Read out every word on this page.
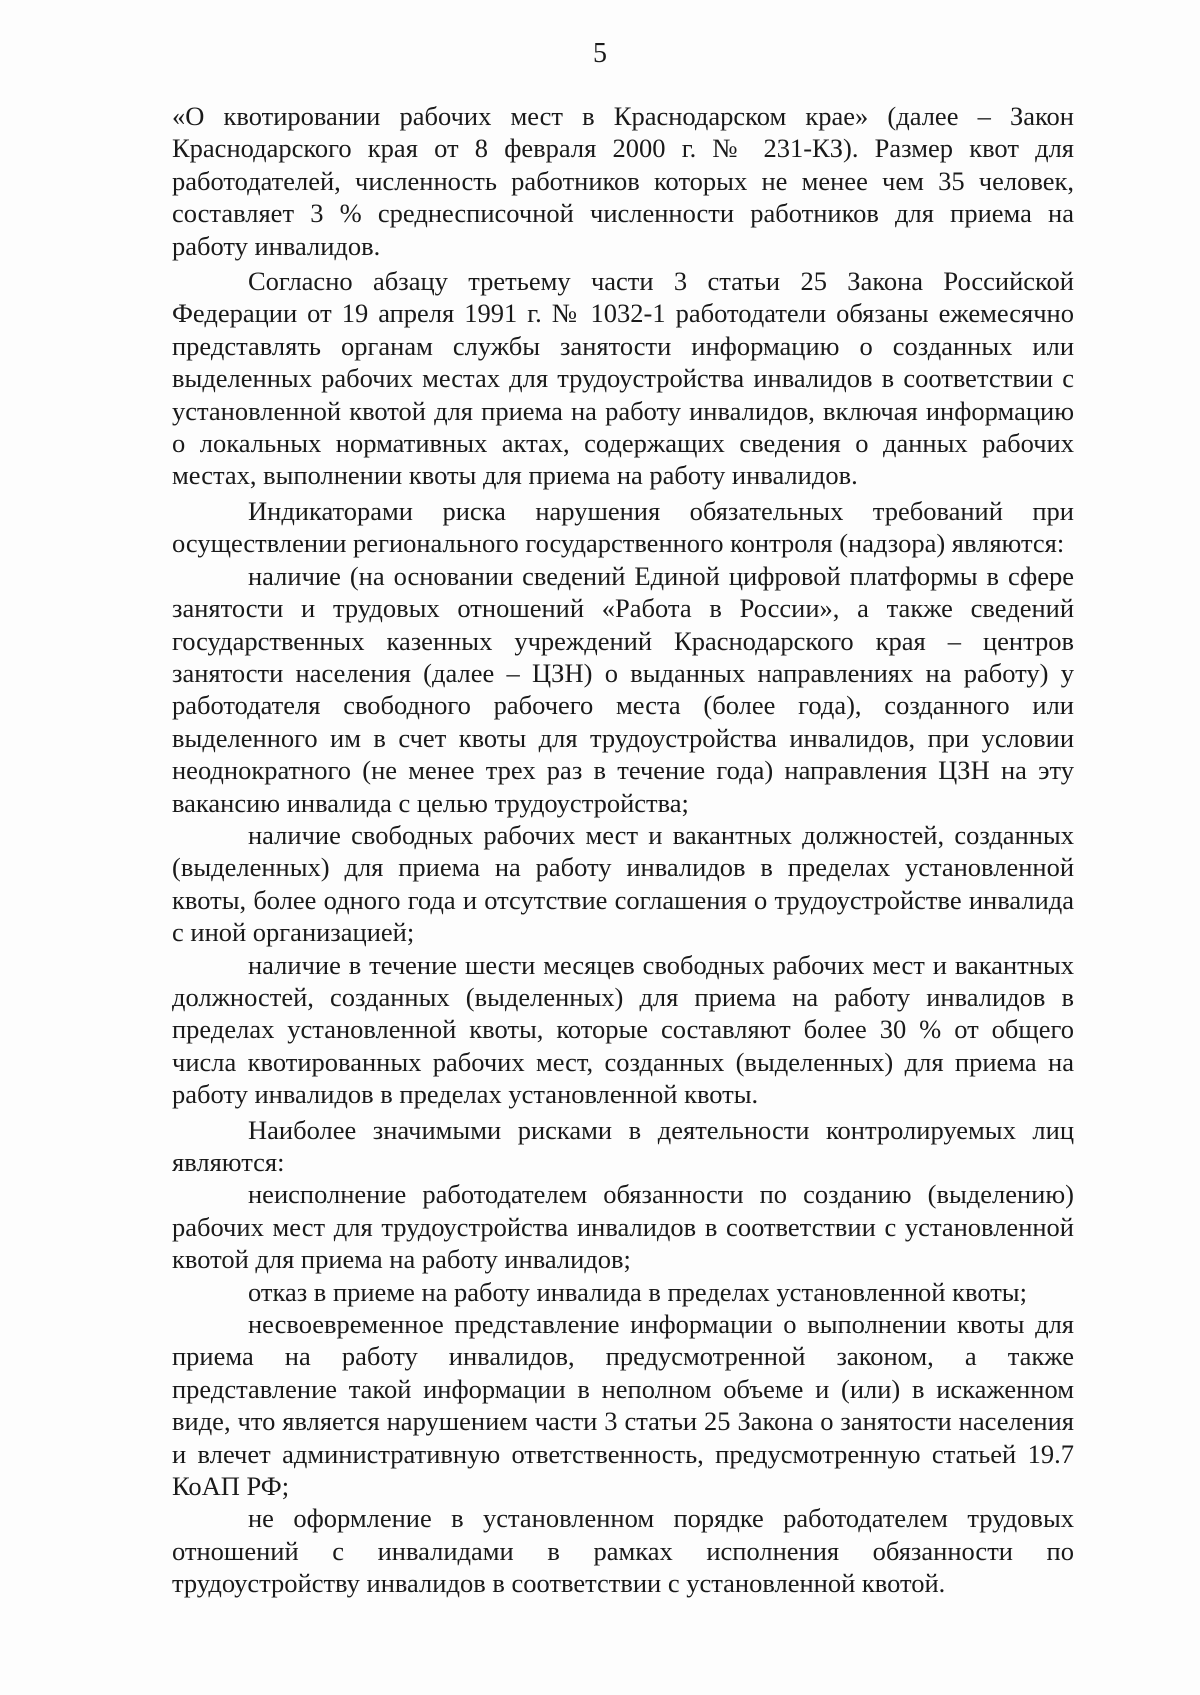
5

«О квотировании рабочих мест в Краснодарском крае» (далее – Закон Краснодарского края от 8 февраля 2000 г. № 231-КЗ). Размер квот для работодателей, численность работников которых не менее чем 35 человек, составляет 3 % среднесписочной численности работников для приема на работу инвалидов.

Согласно абзацу третьему части 3 статьи 25 Закона Российской Федерации от 19 апреля 1991 г. № 1032-1 работодатели обязаны ежемесячно представлять органам службы занятости информацию о созданных или выделенных рабочих местах для трудоустройства инвалидов в соответствии с установленной квотой для приема на работу инвалидов, включая информацию о локальных нормативных актах, содержащих сведения о данных рабочих местах, выполнении квоты для приема на работу инвалидов.

Индикаторами риска нарушения обязательных требований при осуществлении регионального государственного контроля (надзора) являются:

наличие (на основании сведений Единой цифровой платформы в сфере занятости и трудовых отношений «Работа в России», а также сведений государственных казенных учреждений Краснодарского края – центров занятости населения (далее – ЦЗН) о выданных направлениях на работу) у работодателя свободного рабочего места (более года), созданного или выделенного им в счет квоты для трудоустройства инвалидов, при условии неоднократного (не менее трех раз в течение года) направления ЦЗН на эту вакансию инвалида с целью трудоустройства;

наличие свободных рабочих мест и вакантных должностей, созданных (выделенных) для приема на работу инвалидов в пределах установленной квоты, более одного года и отсутствие соглашения о трудоустройстве инвалида с иной организацией;

наличие в течение шести месяцев свободных рабочих мест и вакантных должностей, созданных (выделенных) для приема на работу инвалидов в пределах установленной квоты, которые составляют более 30 % от общего числа квотированных рабочих мест, созданных (выделенных) для приема на работу инвалидов в пределах установленной квоты.

Наиболее значимыми рисками в деятельности контролируемых лиц являются:

неисполнение работодателем обязанности по созданию (выделению) рабочих мест для трудоустройства инвалидов в соответствии с установленной квотой для приема на работу инвалидов;

отказ в приеме на работу инвалида в пределах установленной квоты;

несвоевременное представление информации о выполнении квоты для приема на работу инвалидов, предусмотренной законом, а также представление такой информации в неполном объеме и (или) в искаженном виде, что является нарушением части 3 статьи 25 Закона о занятости населения и влечет административную ответственность, предусмотренную статьей 19.7 КоАП РФ;

не оформление в установленном порядке работодателем трудовых отношений с инвалидами в рамках исполнения обязанности по трудоустройству инвалидов в соответствии с установленной квотой.
